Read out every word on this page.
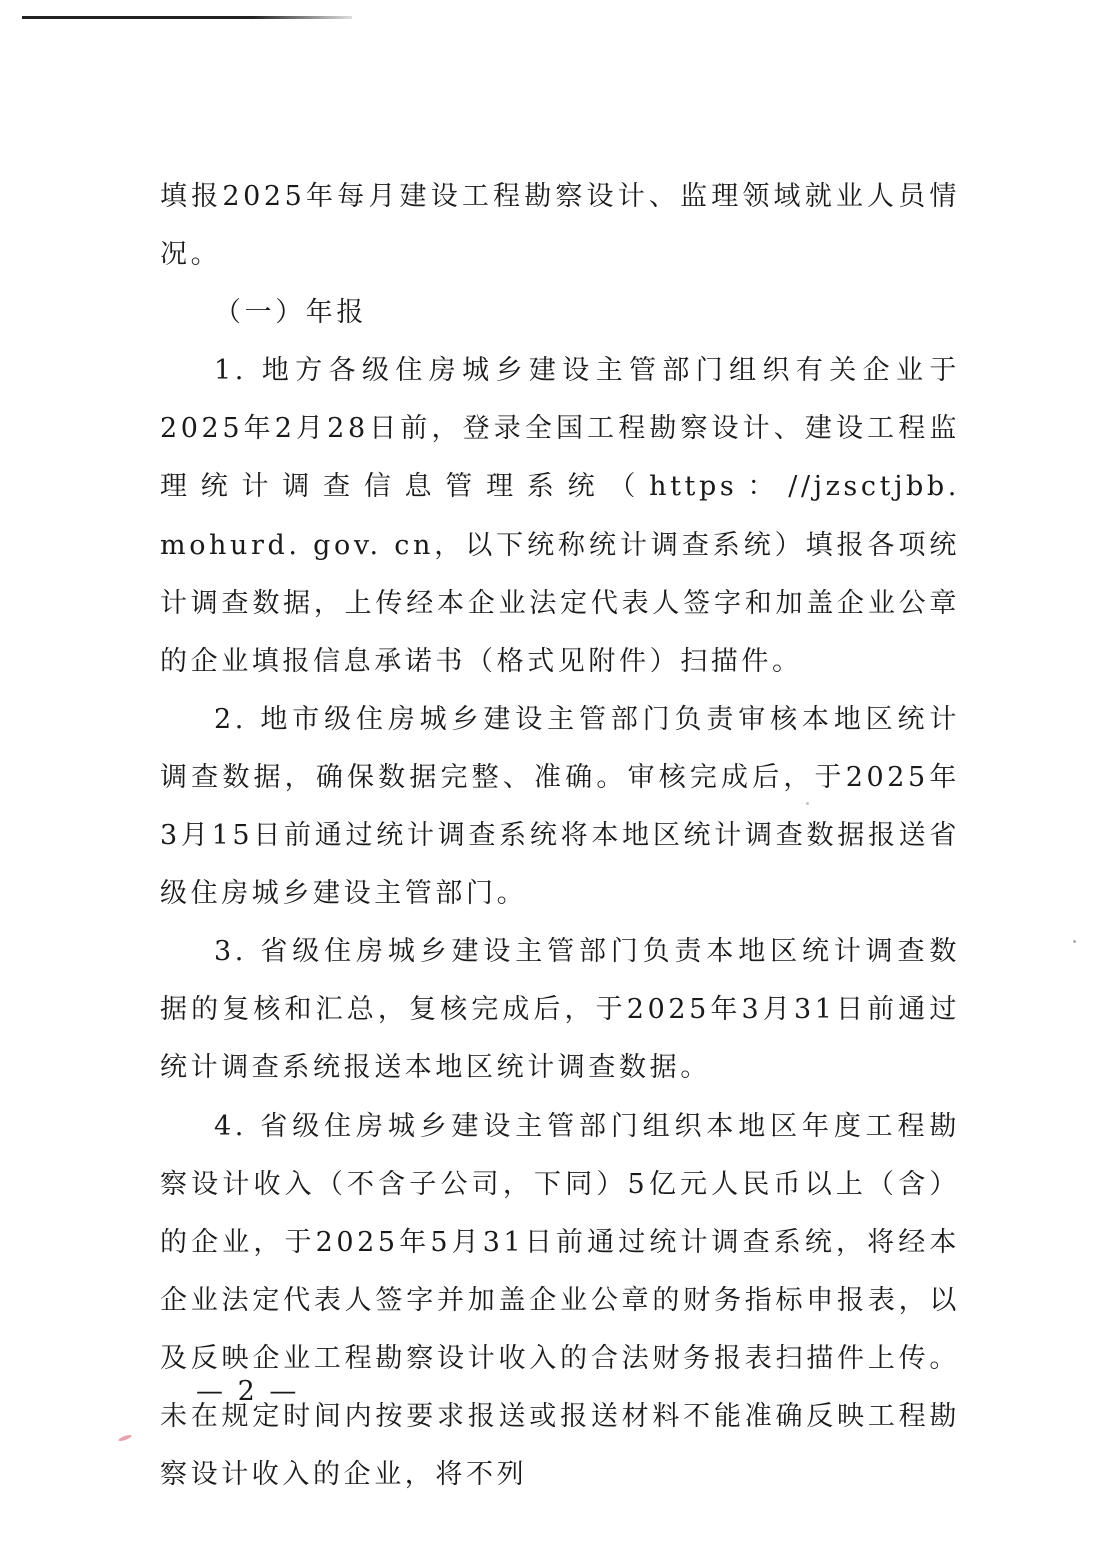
填报2025年每月建设工程勘察设计、监理领域就业人员情况。

（一）年报

1. 地方各级住房城乡建设主管部门组织有关企业于2025年2月28日前，登录全国工程勘察设计、建设工程监理统计调查信息管理系统（https：//jzsctjbb. mohurd. gov. cn，以下统称统计调查系统）填报各项统计调查数据，上传经本企业法定代表人签字和加盖企业公章的企业填报信息承诺书（格式见附件）扫描件。

2. 地市级住房城乡建设主管部门负责审核本地区统计调查数据，确保数据完整、准确。审核完成后，于2025年3月15日前通过统计调查系统将本地区统计调查数据报送省级住房城乡建设主管部门。

3. 省级住房城乡建设主管部门负责本地区统计调查数据的复核和汇总，复核完成后，于2025年3月31日前通过统计调查系统报送本地区统计调查数据。

4. 省级住房城乡建设主管部门组织本地区年度工程勘察设计收入（不含子公司，下同）5亿元人民币以上（含）的企业，于2025年5月31日前通过统计调查系统，将经本企业法定代表人签字并加盖企业公章的财务指标申报表，以及反映企业工程勘察设计收入的合法财务报表扫描件上传。未在规定时间内按要求报送或报送材料不能准确反映工程勘察设计收入的企业，将不列

— 2 —
